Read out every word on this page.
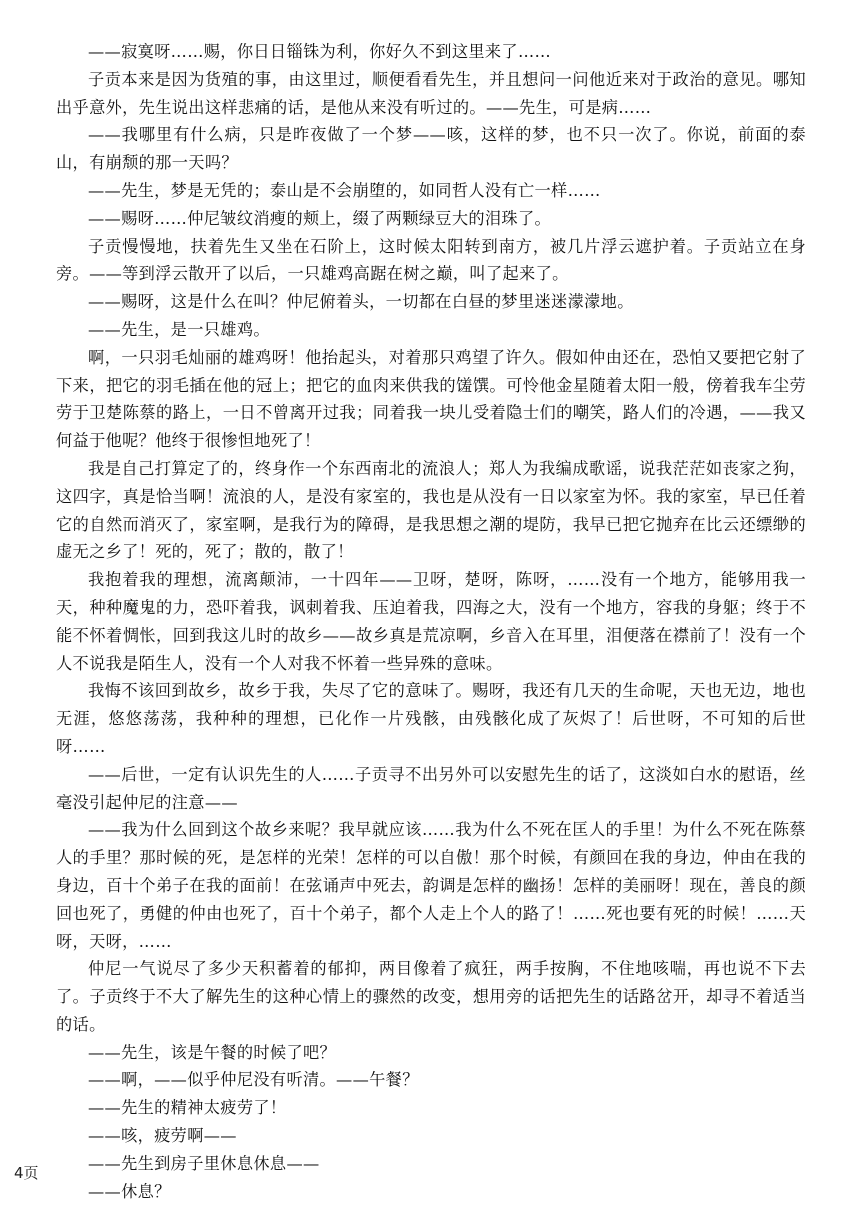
——寂寞呀……赐，你日日锱铢为利，你好久不到这里来了……

子贡本来是因为货殖的事，由这里过，顺便看看先生，并且想问一问他近来对于政治的意见。哪知出乎意外，先生说出这样悲痛的话，是他从来没有听过的。——先生，可是病……

——我哪里有什么病，只是昨夜做了一个梦——咳，这样的梦，也不只一次了。你说，前面的泰山，有崩颓的那一天吗？

——先生，梦是无凭的；泰山是不会崩堕的，如同哲人没有亡一样……

——赐呀……仲尼皱纹消瘦的颊上，缀了两颗绿豆大的泪珠了。

子贡慢慢地，扶着先生又坐在石阶上，这时候太阳转到南方，被几片浮云遮护着。子贡站立在身旁。——等到浮云散开了以后，一只雄鸡高踞在树之巅，叫了起来了。

——赐呀，这是什么在叫？仲尼俯着头，一切都在白昼的梦里迷迷濛濛地。

——先生，是一只雄鸡。

啊，一只羽毛灿丽的雄鸡呀！他抬起头，对着那只鸡望了许久。假如仲由还在，恐怕又要把它射了下来，把它的羽毛插在他的冠上；把它的血肉来供我的馐馔。可怜他金星随着太阳一般，傍着我车尘劳劳于卫楚陈蔡的路上，一日不曾离开过我；同着我一块儿受着隐士们的嘲笑，路人们的冷遇，——我又何益于他呢？他终于很惨怛地死了！

我是自己打算定了的，终身作一个东西南北的流浪人；郑人为我编成歌谣，说我茫茫如丧家之狗，这四字，真是恰当啊！流浪的人，是没有家室的，我也是从没有一日以家室为怀。我的家室，早已任着它的自然而消灭了，家室啊，是我行为的障碍，是我思想之潮的堤防，我早已把它抛弃在比云还缥缈的虚无之乡了！死的，死了；散的，散了！

我抱着我的理想，流离颠沛，一十四年——卫呀，楚呀，陈呀，……没有一个地方，能够用我一天，种种魔鬼的力，恐吓着我，讽刺着我、压迫着我，四海之大，没有一个地方，容我的身躯；终于不能不怀着惆怅，回到我这儿时的故乡——故乡真是荒凉啊，乡音入在耳里，泪便落在襟前了！没有一个人不说我是陌生人，没有一个人对我不怀着一些异殊的意味。

我悔不该回到故乡，故乡于我，失尽了它的意味了。赐呀，我还有几天的生命呢，天也无边，地也无涯，悠悠荡荡，我种种的理想，已化作一片残骸，由残骸化成了灰烬了！后世呀，不可知的后世呀……

——后世，一定有认识先生的人……子贡寻不出另外可以安慰先生的话了，这淡如白水的慰语，丝毫没引起仲尼的注意——

——我为什么回到这个故乡来呢？我早就应该……我为什么不死在匡人的手里！为什么不死在陈蔡人的手里？那时候的死，是怎样的光荣！怎样的可以自傲！那个时候，有颜回在我的身边，仲由在我的身边，百十个弟子在我的面前！在弦诵声中死去，韵调是怎样的幽扬！怎样的美丽呀！现在，善良的颜回也死了，勇健的仲由也死了，百十个弟子，都个人走上个人的路了！……死也要有死的时候！……天呀，天呀，……

仲尼一气说尽了多少天积蓄着的郁抑，两目像着了疯狂，两手按胸，不住地咳喘，再也说不下去了。子贡终于不大了解先生的这种心情上的骤然的改变，想用旁的话把先生的话路岔开，却寻不着适当的话。

——先生，该是午餐的时候了吧？

——啊，——似乎仲尼没有听清。——午餐？

——先生的精神太疲劳了！

——咳，疲劳啊——

——先生到房子里休息休息——

——休息？

4页
